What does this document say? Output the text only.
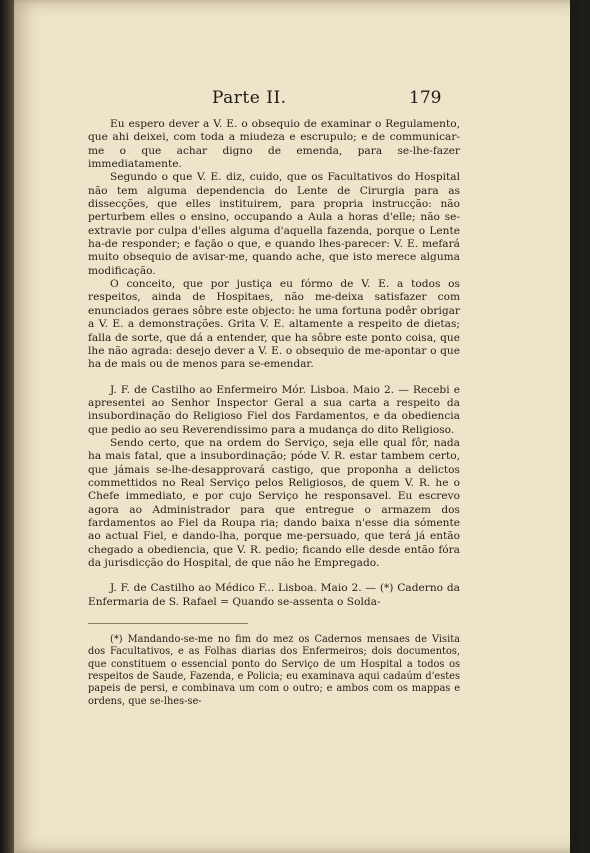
Parte II.	179

Eu espero dever a V. E. o obsequio de examinar o Regulamento, que ahi deixei, com toda a miudeza e escrupulo; e de communicar-me o que achar digno de emenda, para se-lhe-fazer immediatamente.

Segundo o que V. E. diz, cuido, que os Facultativos do Hospital não tem alguma dependencia do Lente de Cirurgia para as dissecções, que elles instituirem, para propria instrucção: não perturbem elles o ensino, occupando a Aula a horas d'elle; não se-extravie por culpa d'elles alguma d'aquella fazenda, porque o Lente ha-de responder; e façāo o que, e quando lhes-parecer: V. E. mefará muito obsequio de avisar-me, quando ache, que isto merece alguma modificação.

O conceito, que por justiça eu fórmo de V. E. a todos os respeitos, ainda de Hospitaes, não me-deixa satisfazer com enunciados geraes sôbre este objecto: he uma fortuna podêr obrigar a V. E. a demonstrações. Grita V. E. altamente a respeito de dietas; falla de sorte, que dá a entender, que ha sôbre este ponto coisa, que lhe não agrada: desejo dever a V. E. o obsequio de me-apontar o que ha de mais ou de menos para se-emendar.

J. F. de Castilho ao Enfermeiro Mór. Lisboa. Maio 2. — Recebi e apresentei ao Senhor Inspector Geral a sua carta a respeito da insubordinação do Religioso Fiel dos Fardamentos, e da obediencia que pedio ao seu Reverendissimo para a mudança do dito Religioso.

Sendo certo, que na ordem do Serviço, seja elle qual fôr, nada ha mais fatal, que a insubordinação; póde V. R. estar tambem certo, que jámais se-lhe-desapprovará castigo, que proponha a delictos commettidos no Real Serviço pelos Religiosos, de quem V. R. he o Chefe immediato, e por cujo Serviço he responsavel. Eu escrevo agora ao Administrador para que entregue o armazem dos fardamentos ao Fiel da Roupa ria; dando baixa n'esse dia sómente ao actual Fiel, e dando-lha, porque me-persuado, que terá já então chegado a obediencia, que V. R. pedio; ficando elle desde então fóra da jurisdicção do Hospital, de que não he Empregado.

J. F. de Castilho ao Médico F... Lisboa. Maio 2. — (*) Caderno da Enfermaria de S. Rafael = Quando se-assenta o Solda-

(*) Mandando-se-me no fim do mez os Cadernos mensaes de Visita dos Facultativos, e as Folhas diarias dos Enfermeiros; dois documentos, que constituem o essencial ponto do Serviço de um Hospital a todos os respeitos de Saude, Fazenda, e Policia; eu examinava aqui cadaúm d'estes papeis de persi, e combinava um com o outro; e ambos com os mappas e ordens, que se-lhes-se-
